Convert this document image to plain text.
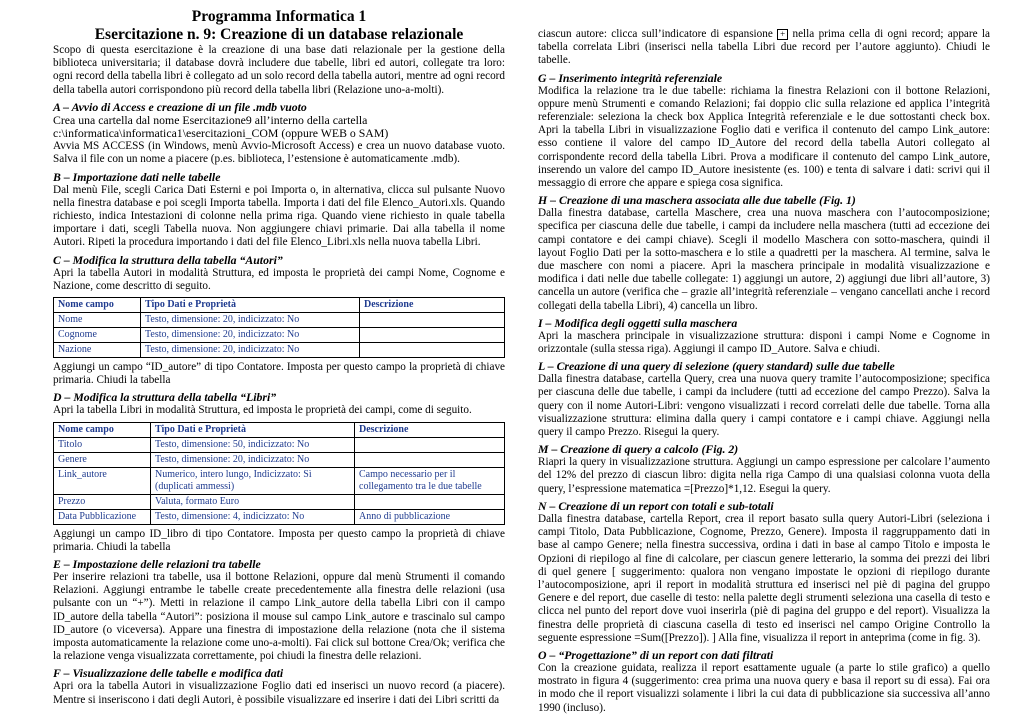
Programma Informatica 1
Esercitazione n. 9: Creazione di un database relazionale

Scopo di questa esercitazione è la creazione di una base dati relazionale per la gestione della biblioteca universitaria; il database dovrà includere due tabelle, libri ed autori, collegate tra loro: ogni record della tabella libri è collegato ad un solo record della tabella autori, mentre ad ogni record della tabella autori corrispondono più record della tabella libri (Relazione uno-a-molti).

A – Avvio di Access e creazione di un file .mdb vuoto

Crea una cartella dal nome Esercitazione9 all’interno della cartella

c:\informatica\informatica1\esercitazioni_COM (oppure WEB o SAM)

Avvia MS ACCESS (in Windows, menù Avvio-Microsoft Access) e crea un nuovo database vuoto. Salva il file con un nome a piacere (p.es. biblioteca, l’estensione è automaticamente .mdb).

B – Importazione dati nelle tabelle

Dal menù File, scegli Carica Dati Esterni e poi Importa o, in alternativa, clicca sul pulsante Nuovo nella finestra database e poi scegli Importa tabella. Importa i dati del file Elenco_Autori.xls. Quando richiesto, indica Intestazioni di colonne nella prima riga. Quando viene richiesto in quale tabella importare i dati, scegli Tabella nuova. Non aggiungere chiavi primarie. Dai alla tabella il nome Autori. Ripeti la procedura importando i dati del file Elenco_Libri.xls nella nuova tabella Libri.

C – Modifica la struttura della tabella “Autori”

Apri la tabella Autori in modalità Struttura, ed imposta le proprietà dei campi Nome, Cognome e Nazione, come descritto di seguito.

Nome campo	Tipo Dati e Proprietà	Descrizione
Nome	Testo, dimensione: 20, indicizzato: No	
Cognome	Testo, dimensione: 20, indicizzato: No	
Nazione	Testo, dimensione: 20, indicizzato: No	

Aggiungi un campo “ID_autore” di tipo Contatore. Imposta per questo campo la proprietà di chiave primaria. Chiudi la tabella

D – Modifica la struttura della tabella “Libri”

Apri la tabella Libri in modalità Struttura, ed imposta le proprietà dei campi, come di seguito.

Nome campo	Tipo Dati e Proprietà	Descrizione
Titolo	Testo, dimensione: 50, indicizzato: No	
Genere	Testo, dimensione: 20, indicizzato: No	
Link_autore	Numerico, intero lungo, Indicizzato: Sì (duplicati ammessi)	Campo necessario per il collegamento tra le due tabelle
Prezzo	Valuta, formato Euro	
Data Pubblicazione	Testo, dimensione: 4, indicizzato: No	Anno di pubblicazione

Aggiungi un campo ID_libro di tipo Contatore. Imposta per questo campo la proprietà di chiave primaria. Chiudi la tabella

E – Impostazione delle relazioni tra tabelle

Per inserire relazioni tra tabelle, usa il bottone Relazioni, oppure dal menù Strumenti il comando Relazioni. Aggiungi entrambe le tabelle create precedentemente alla finestra delle relazioni (usa pulsante con un “+”). Metti in relazione il campo Link_autore della tabella Libri con il campo ID_autore della tabella “Autori”: posiziona il mouse sul campo Link_autore e trascinalo sul campo ID_autore (o viceversa). Appare una finestra di impostazione della relazione (nota che il sistema imposta automaticamente la relazione come uno-a-molti). Fai click sul bottone Crea/Ok; verifica che la relazione venga visualizzata correttamente, poi chiudi la finestra delle relazioni.

F – Visualizzazione delle tabelle e modifica dati

Apri ora la tabella Autori in visualizzazione Foglio dati ed inserisci un nuovo record (a piacere). Mentre si inseriscono i dati degli Autori, è possibile visualizzare ed inserire i dati dei Libri scritti da

ciascun autore: clicca sull’indicatore di espansione + nella prima cella di ogni record; appare la tabella correlata Libri (inserisci nella tabella Libri due record per l’autore aggiunto). Chiudi le tabelle.

G – Inserimento integrità referenziale

Modifica la relazione tra le due tabelle: richiama la finestra Relazioni con il bottone Relazioni, oppure menù Strumenti e comando Relazioni; fai doppio clic sulla relazione ed applica l’integrità referenziale: seleziona la check box Applica Integrità referenziale e le due sottostanti check box. Apri la tabella Libri in visualizzazione Foglio dati e verifica il contenuto del campo Link_autore: esso contiene il valore del campo ID_Autore del record della tabella Autori collegato al corrispondente record della tabella Libri. Prova a modificare il contenuto del campo Link_autore, inserendo un valore del campo ID_Autore inesistente (es. 100) e tenta di salvare i dati: scrivi qui il messaggio di errore che appare e spiega cosa significa.

H – Creazione di una maschera associata alle due tabelle (Fig. 1)

Dalla finestra database, cartella Maschere, crea una nuova maschera con l’autocomposizione; specifica per ciascuna delle due tabelle, i campi da includere nella maschera (tutti ad eccezione dei campi contatore e dei campi chiave). Scegli il modello Maschera con sotto-maschera, quindi il layout Foglio Dati per la sotto-maschera e lo stile a quadretti per la maschera. Al termine, salva le due maschere con nomi a piacere. Apri la maschera principale in modalità visualizzazione e modifica i dati nelle due tabelle collegate: 1) aggiungi un autore, 2) aggiungi due libri all’autore, 3) cancella un autore (verifica che – grazie all’integrità referenziale – vengano cancellati anche i record collegati della tabella Libri), 4) cancella un libro.

I – Modifica degli oggetti sulla maschera

Apri la maschera principale in visualizzazione struttura: disponi i campi Nome e Cognome in orizzontale (sulla stessa riga). Aggiungi il campo ID_Autore. Salva e chiudi.

L – Creazione di una query di selezione (query standard) sulle due tabelle

Dalla finestra database, cartella Query, crea una nuova query tramite l’autocomposizione; specifica per ciascuna delle due tabelle, i campi da includere (tutti ad eccezione del campo Prezzo). Salva la query con il nome Autori-Libri: vengono visualizzati i record correlati delle due tabelle. Torna alla visualizzazione struttura: elimina dalla query i campi contatore e i campi chiave. Aggiungi nella query il campo Prezzo. Risegui la query.

M – Creazione di query a calcolo (Fig. 2)

Riapri la query in visualizzazione struttura. Aggiungi un campo espressione per calcolare l’aumento del 12% del prezzo di ciascun libro: digita nella riga Campo di una qualsiasi colonna vuota della query, l’espressione matematica =[Prezzo]*1,12. Esegui la query.

N – Creazione di un report con totali e sub-totali

Dalla finestra database, cartella Report, crea il report basato sulla query Autori-Libri (seleziona i campi Titolo, Data Pubblicazione, Cognome, Prezzo, Genere). Imposta il raggruppamento dati in base al campo Genere; nella finestra successiva, ordina i dati in base al campo Titolo e imposta le Opzioni di riepilogo al fine di calcolare, per ciascun genere letterario, la somma dei prezzi dei libri di quel genere [ suggerimento: qualora non vengano impostate le opzioni di riepilogo durante l’autocomposizione, apri il report in modalità struttura ed inserisci nel piè di pagina del gruppo Genere e del report, due caselle di testo: nella palette degli strumenti seleziona una casella di testo e clicca nel punto del report dove vuoi inserirla (piè di pagina del gruppo e del report). Visualizza la finestra delle proprietà di ciascuna casella di testo ed inserisci nel campo Origine Controllo la seguente espressione =Sum([Prezzo]). ] Alla fine, visualizza il report in anteprima (come in fig. 3).

O – “Progettazione” di un report con dati filtrati

Con la creazione guidata, realizza il report esattamente uguale (a parte lo stile grafico) a quello mostrato in figura 4 (suggerimento: crea prima una nuova query e basa il report su di essa). Fai ora in modo che il report visualizzi solamente i libri la cui data di pubblicazione sia successiva all’anno 1990 (incluso).
